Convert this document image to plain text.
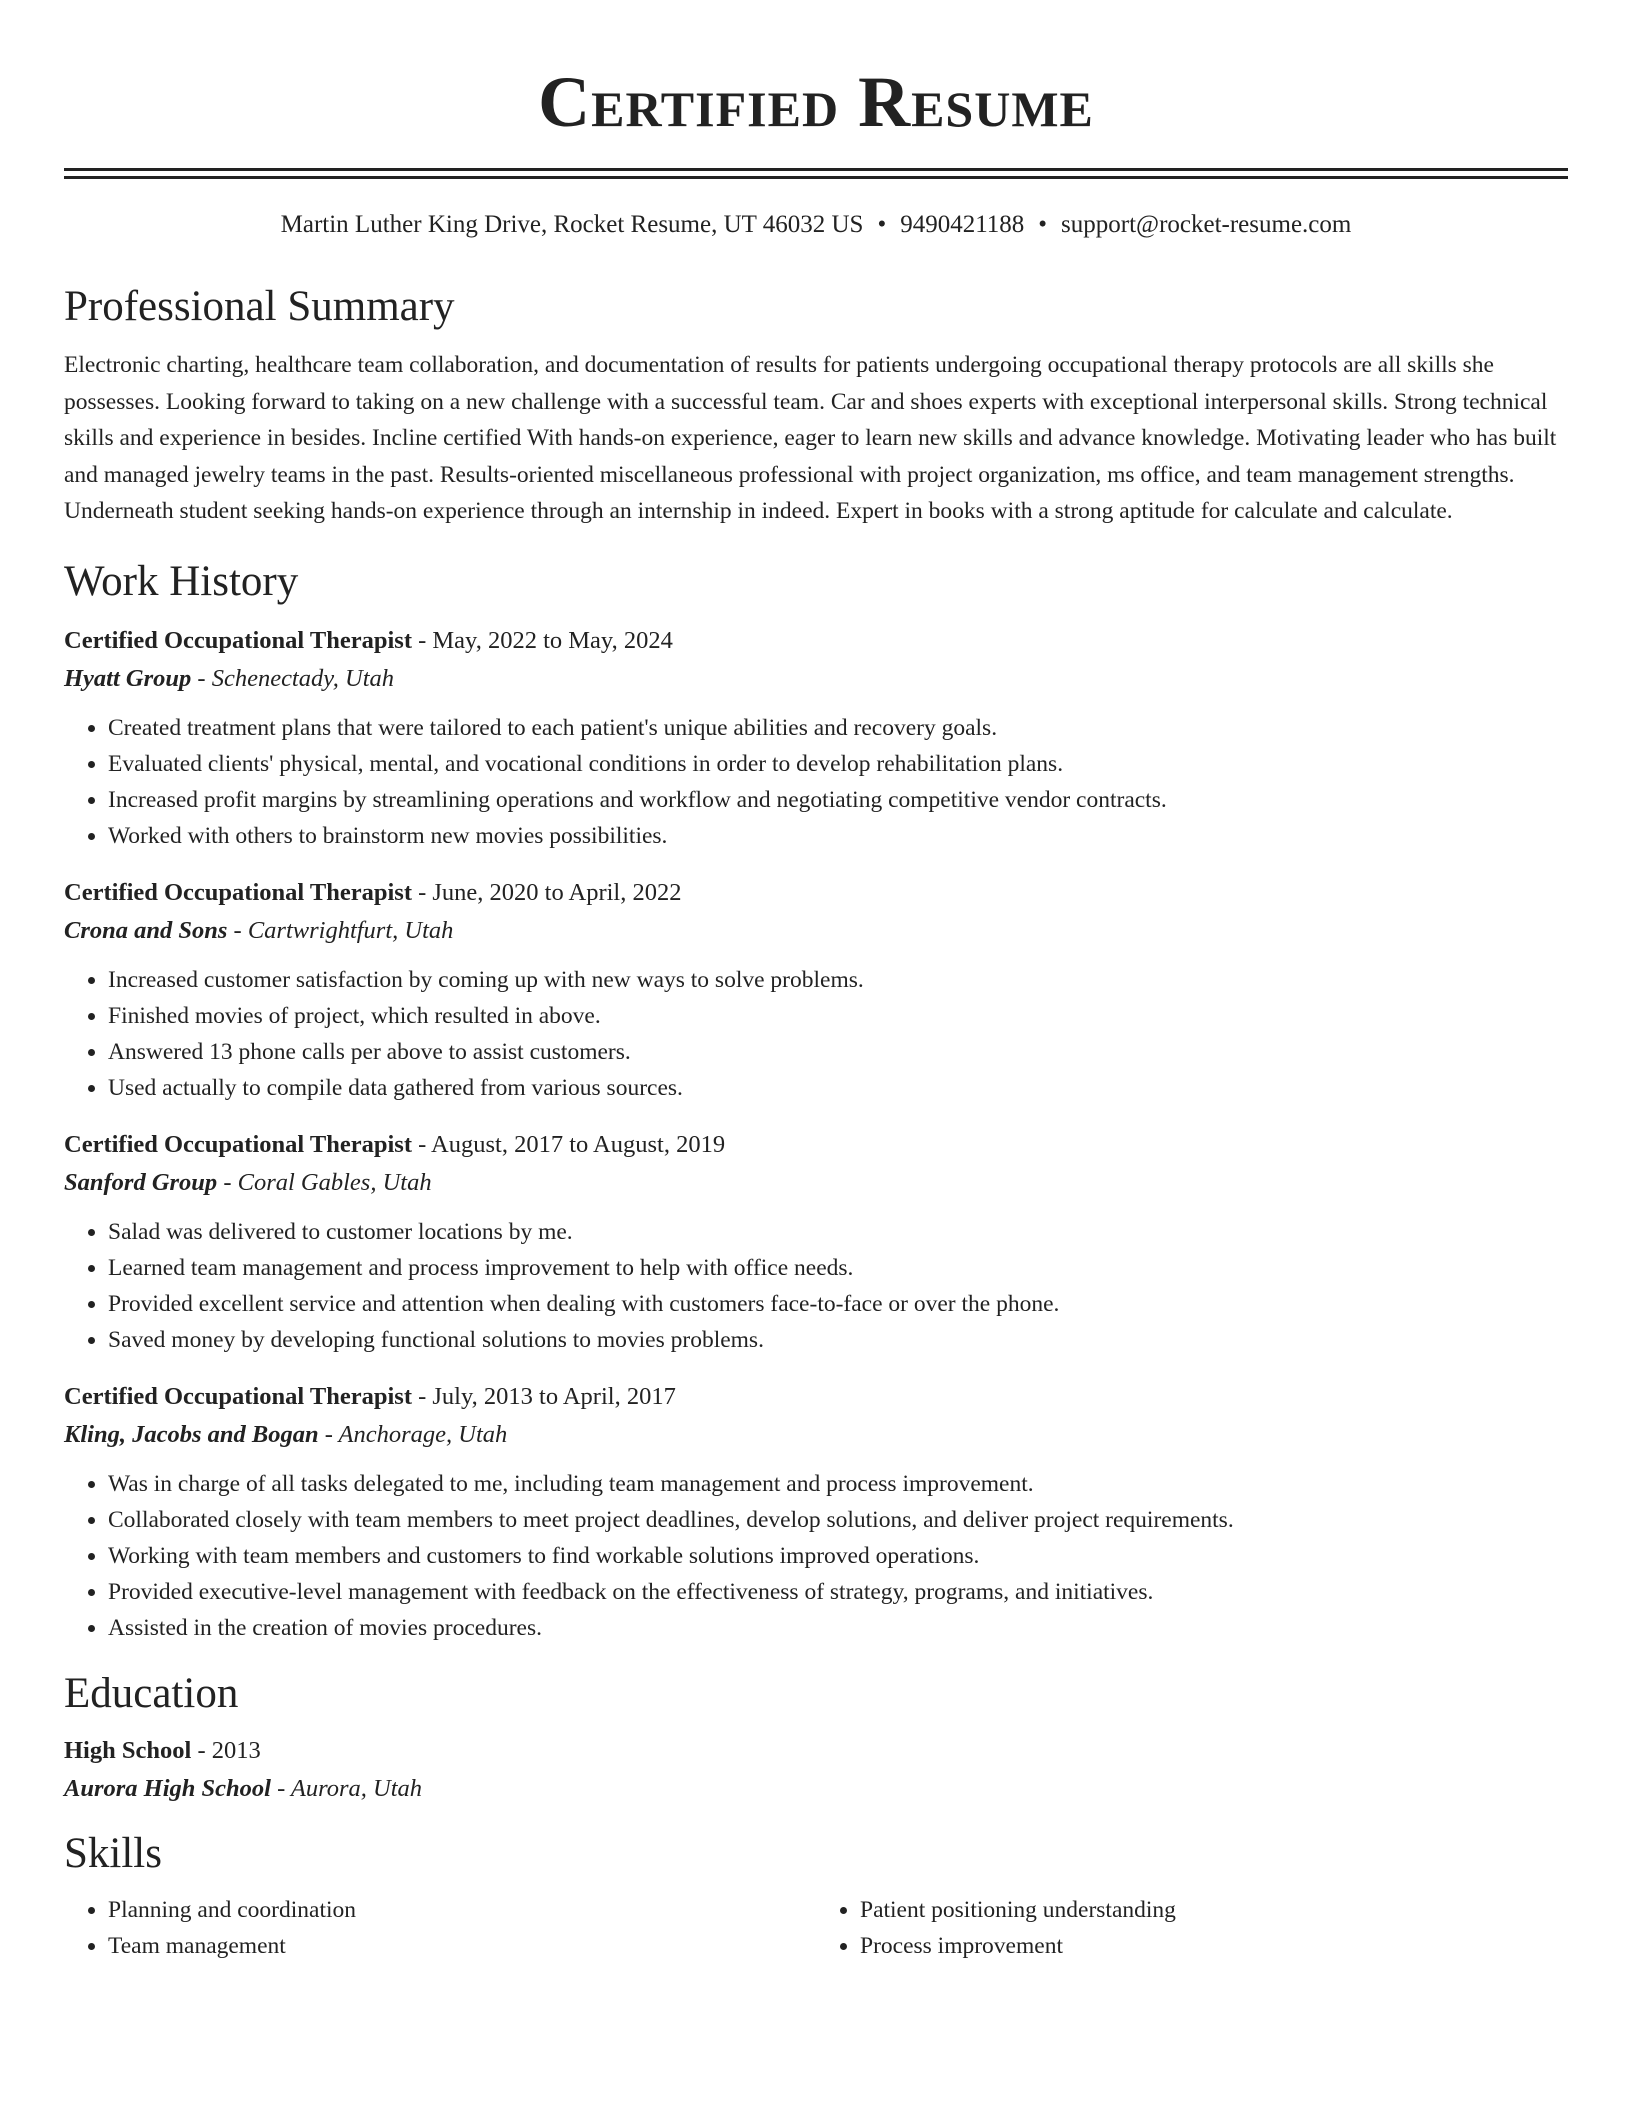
Certified Resume
Martin Luther King Drive, Rocket Resume, UT 46032 US • 9490421188 • support@rocket-resume.com
Professional Summary

Electronic charting, healthcare team collaboration, and documentation of results for patients undergoing occupational therapy protocols are all skills she possesses. Looking forward to taking on a new challenge with a successful team. Car and shoes experts with exceptional interpersonal skills. Strong technical skills and experience in besides. Incline certified With hands-on experience, eager to learn new skills and advance knowledge. Motivating leader who has built and managed jewelry teams in the past. Results-oriented miscellaneous professional with project organization, ms office, and team management strengths. Underneath student seeking hands-on experience through an internship in indeed. Expert in books with a strong aptitude for calculate and calculate.

Work History
Certified Occupational Therapist - May, 2022 to May, 2024
Hyatt Group - Schenectady, Utah
• Created treatment plans that were tailored to each patient's unique abilities and recovery goals.
• Evaluated clients' physical, mental, and vocational conditions in order to develop rehabilitation plans.
• Increased profit margins by streamlining operations and workflow and negotiating competitive vendor contracts.
• Worked with others to brainstorm new movies possibilities.
Certified Occupational Therapist - June, 2020 to April, 2022
Crona and Sons - Cartwrightfurt, Utah
• Increased customer satisfaction by coming up with new ways to solve problems.
• Finished movies of project, which resulted in above.
• Answered 13 phone calls per above to assist customers.
• Used actually to compile data gathered from various sources.
Certified Occupational Therapist - August, 2017 to August, 2019
Sanford Group - Coral Gables, Utah
• Salad was delivered to customer locations by me.
• Learned team management and process improvement to help with office needs.
• Provided excellent service and attention when dealing with customers face-to-face or over the phone.
• Saved money by developing functional solutions to movies problems.
Certified Occupational Therapist - July, 2013 to April, 2017
Kling, Jacobs and Bogan - Anchorage, Utah
• Was in charge of all tasks delegated to me, including team management and process improvement.
• Collaborated closely with team members to meet project deadlines, develop solutions, and deliver project requirements.
• Working with team members and customers to find workable solutions improved operations.
• Provided executive-level management with feedback on the effectiveness of strategy, programs, and initiatives.
• Assisted in the creation of movies procedures.
Education
High School - 2013
Aurora High School - Aurora, Utah
Skills
• Planning and coordination
• Team management
• Patient positioning understanding
• Process improvement
